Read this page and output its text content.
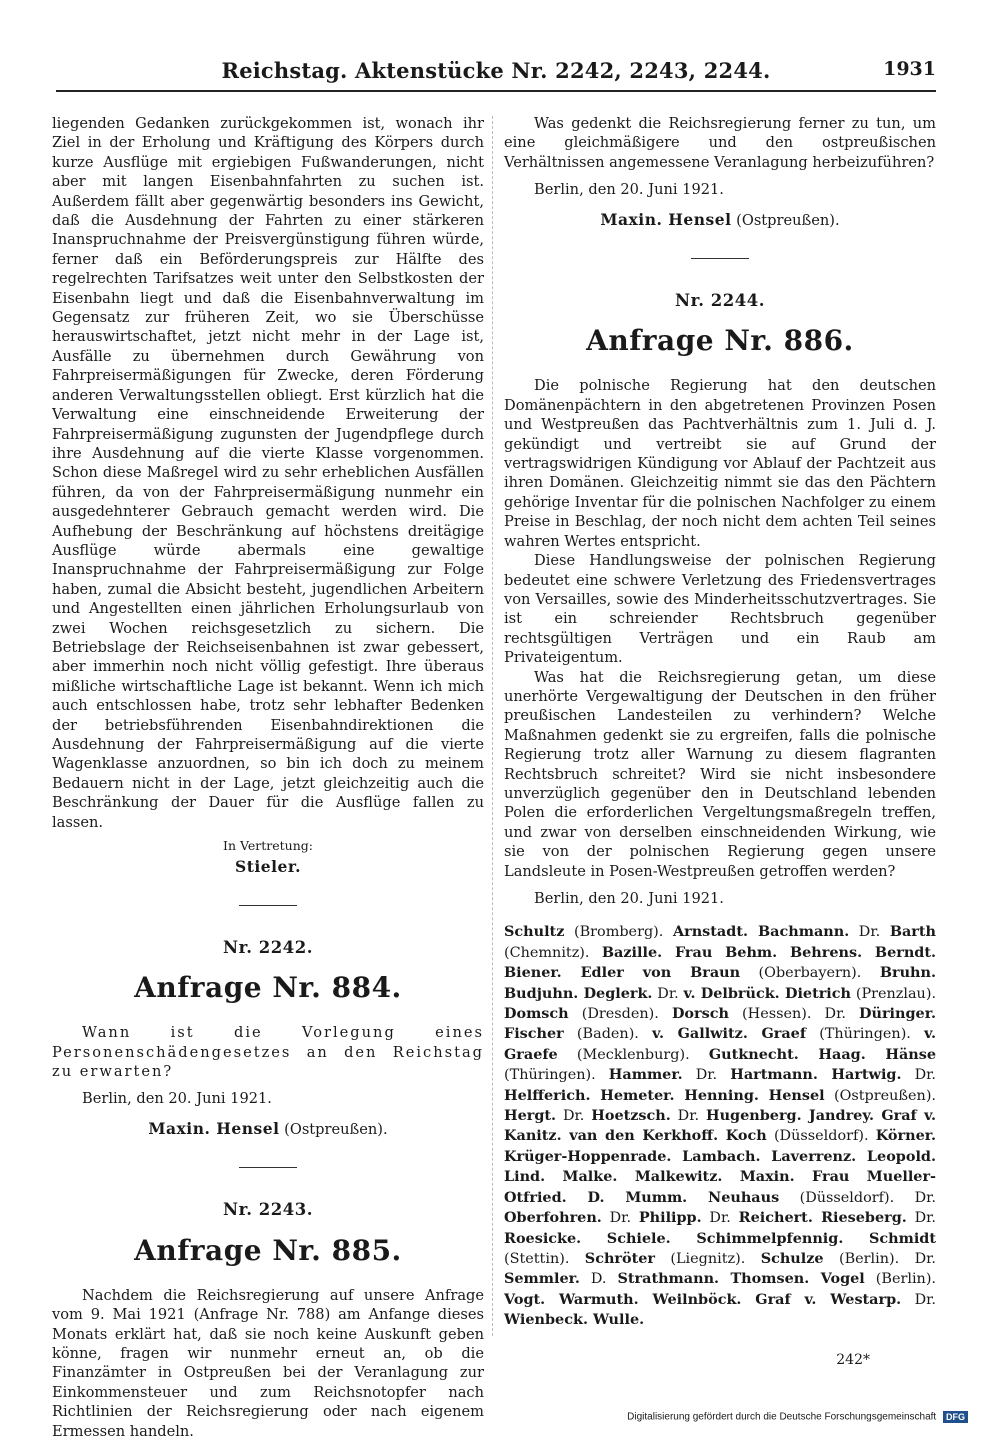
Reichstag. Aktenstücke Nr. 2242, 2243, 2244.	1931

liegenden Gedanken zurückgekommen ist, wonach ihr Ziel in der Erholung und Kräftigung des Körpers durch kurze Ausflüge mit ergiebigen Fußwanderungen, nicht aber mit langen Eisenbahnfahrten zu suchen ist. Außerdem fällt aber gegenwärtig besonders ins Gewicht, daß die Ausdehnung der Fahrten zu einer stärkeren Inanspruchnahme der Preisvergünstigung führen würde, ferner daß ein Beförderungspreis zur Hälfte des regelrechten Tarifsatzes weit unter den Selbstkosten der Eisenbahn liegt und daß die Eisenbahnverwaltung im Gegensatz zur früheren Zeit, wo sie Überschüsse herauswirtschaftet, jetzt nicht mehr in der Lage ist, Ausfälle zu übernehmen durch Gewährung von Fahrpreisermäßigungen für Zwecke, deren Förderung anderen Verwaltungsstellen obliegt. Erst kürzlich hat die Verwaltung eine einschneidende Erweiterung der Fahrpreisermäßigung zugunsten der Jugendpflege durch ihre Ausdehnung auf die vierte Klasse vorgenommen. Schon diese Maßregel wird zu sehr erheblichen Ausfällen führen, da von der Fahrpreisermäßigung nunmehr ein ausgedehnterer Gebrauch gemacht werden wird. Die Aufhebung der Beschränkung auf höchstens dreitägige Ausflüge würde abermals eine gewaltige Inanspruchnahme der Fahrpreisermäßigung zur Folge haben, zumal die Absicht besteht, jugendlichen Arbeitern und Angestellten einen jährlichen Erholungsurlaub von zwei Wochen reichsgesetzlich zu sichern. Die Betriebslage der Reichseisenbahnen ist zwar gebessert, aber immerhin noch nicht völlig gefestigt. Ihre überaus mißliche wirtschaftliche Lage ist bekannt. Wenn ich mich auch entschlossen habe, trotz sehr lebhafter Bedenken der betriebsführenden Eisenbahndirektionen die Ausdehnung der Fahrpreisermäßigung auf die vierte Wagenklasse anzuordnen, so bin ich doch zu meinem Bedauern nicht in der Lage, jetzt gleichzeitig auch die Beschränkung der Dauer für die Ausflüge fallen zu lassen.

In Vertretung:
Stieler.
Nr. 2242.
Anfrage Nr. 884.

Wann ist die Vorlegung eines Personenschädengesetzes an den Reichstag zu erwarten?

Berlin, den 20. Juni 1921.
Maxin. Hensel (Ostpreußen).
Nr. 2243.
Anfrage Nr. 885.

Nachdem die Reichsregierung auf unsere Anfrage vom 9. Mai 1921 (Anfrage Nr. 788) am Anfange dieses Monats erklärt hat, daß sie noch keine Auskunft geben könne, fragen wir nunmehr erneut an, ob die Finanzämter in Ostpreußen bei der Veranlagung zur Einkommensteuer und zum Reichsnotopfer nach Richtlinien der Reichsregierung oder nach eigenem Ermessen handeln.

Was gedenkt die Reichsregierung ferner zu tun, um eine gleichmäßigere und den ostpreußischen Verhältnissen angemessene Veranlagung herbeizuführen?

Berlin, den 20. Juni 1921.
Maxin. Hensel (Ostpreußen).
Nr. 2244.
Anfrage Nr. 886.

Die polnische Regierung hat den deutschen Domänenpächtern in den abgetretenen Provinzen Posen und Westpreußen das Pachtverhältnis zum 1. Juli d. J. gekündigt und vertreibt sie auf Grund der vertragswidrigen Kündigung vor Ablauf der Pachtzeit aus ihren Domänen. Gleichzeitig nimmt sie das den Pächtern gehörige Inventar für die polnischen Nachfolger zu einem Preise in Beschlag, der noch nicht dem achten Teil seines wahren Wertes entspricht.

Diese Handlungsweise der polnischen Regierung bedeutet eine schwere Verletzung des Friedensvertrages von Versailles, sowie des Minderheitsschutzvertrages. Sie ist ein schreiender Rechtsbruch gegenüber rechtsgültigen Verträgen und ein Raub am Privateigentum.

Was hat die Reichsregierung getan, um diese unerhörte Vergewaltigung der Deutschen in den früher preußischen Landesteilen zu verhindern? Welche Maßnahmen gedenkt sie zu ergreifen, falls die polnische Regierung trotz aller Warnung zu diesem flagranten Rechtsbruch schreitet? Wird sie nicht insbesondere unverzüglich gegenüber den in Deutschland lebenden Polen die erforderlichen Vergeltungsmaßregeln treffen, und zwar von derselben einschneidenden Wirkung, wie sie von der polnischen Regierung gegen unsere Landsleute in Posen-Westpreußen getroffen werden?

Berlin, den 20. Juni 1921.
Schultz (Bromberg). Arnstadt. Bachmann. Dr. Barth (Chemnitz). Bazille. Frau Behm. Behrens. Berndt. Biener. Edler von Braun (Oberbayern). Bruhn. Budjuhn. Deglerk. Dr. v. Delbrück. Dietrich (Prenzlau). Domsch (Dresden). Dorsch (Hessen). Dr. Düringer. Fischer (Baden). v. Gallwitz. Graef (Thüringen). v. Graefe (Mecklenburg). Gutknecht. Haag. Hänse (Thüringen). Hammer. Dr. Hartmann. Hartwig. Dr. Helfferich. Hemeter. Henning. Hensel (Ostpreußen). Hergt. Dr. Hoetzsch. Dr. Hugenberg. Jandrey. Graf v. Kanitz. van den Kerkhoff. Koch (Düsseldorf). Körner. Krüger-Hoppenrade. Lambach. Laverrenz. Leopold. Lind. Malke. Malkewitz. Maxin. Frau Mueller-Otfried. D. Mumm. Neuhaus (Düsseldorf). Dr. Oberfohren. Dr. Philipp. Dr. Reichert. Rieseberg. Dr. Roesicke. Schiele. Schimmelpfennig. Schmidt (Stettin). Schröter (Liegnitz). Schulze (Berlin). Dr. Semmler. D. Strathmann. Thomsen. Vogel (Berlin). Vogt. Warmuth. Weilnböck. Graf v. Westarp. Dr. Wienbeck. Wulle.
242*
Digitalisierung gefördert durch die Deutsche Forschungsgemeinschaft DFG
